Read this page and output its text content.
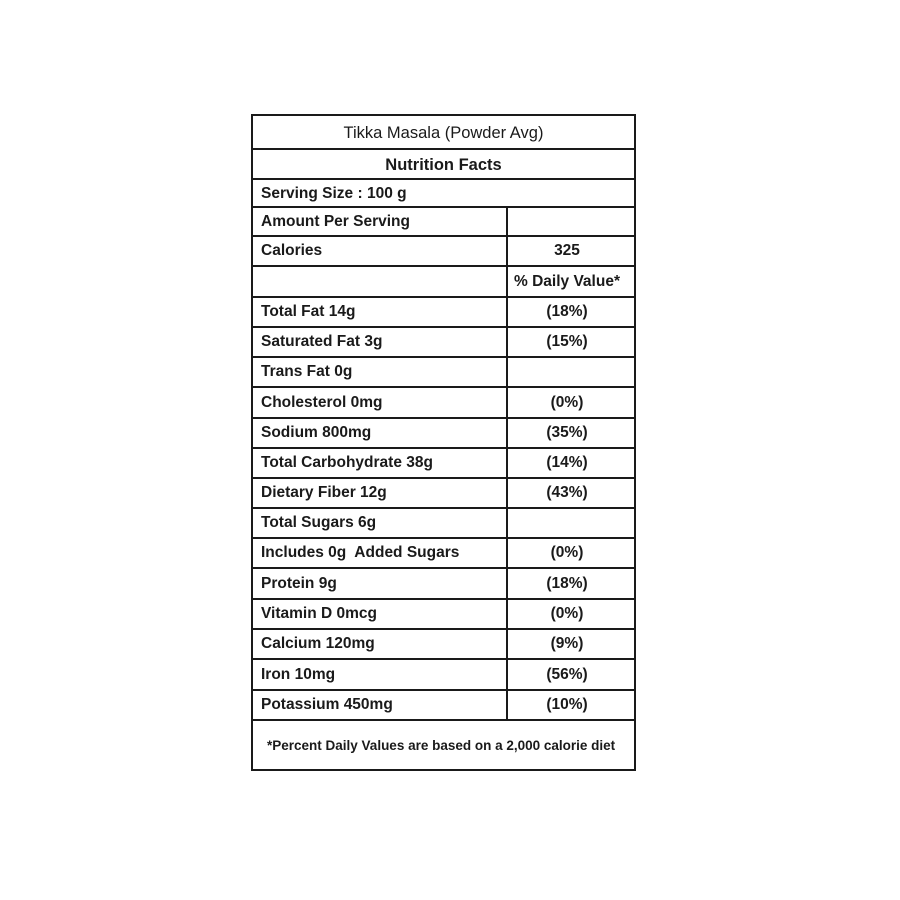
Tikka Masala (Powder Avg)
Nutrition Facts
Serving Size : 100 g
Amount Per Serving
Calories	325
% Daily Value*
Total Fat 14g	(18%)
Saturated Fat 3g	(15%)
Trans Fat 0g
Cholesterol 0mg	(0%)
Sodium 800mg	(35%)
Total Carbohydrate 38g	(14%)
Dietary Fiber 12g	(43%)
Total Sugars 6g
Includes 0g  Added Sugars	(0%)
Protein 9g	(18%)
Vitamin D 0mcg	(0%)
Calcium 120mg	(9%)
Iron 10mg	(56%)
Potassium 450mg	(10%)
*Percent Daily Values are based on a 2,000 calorie diet
